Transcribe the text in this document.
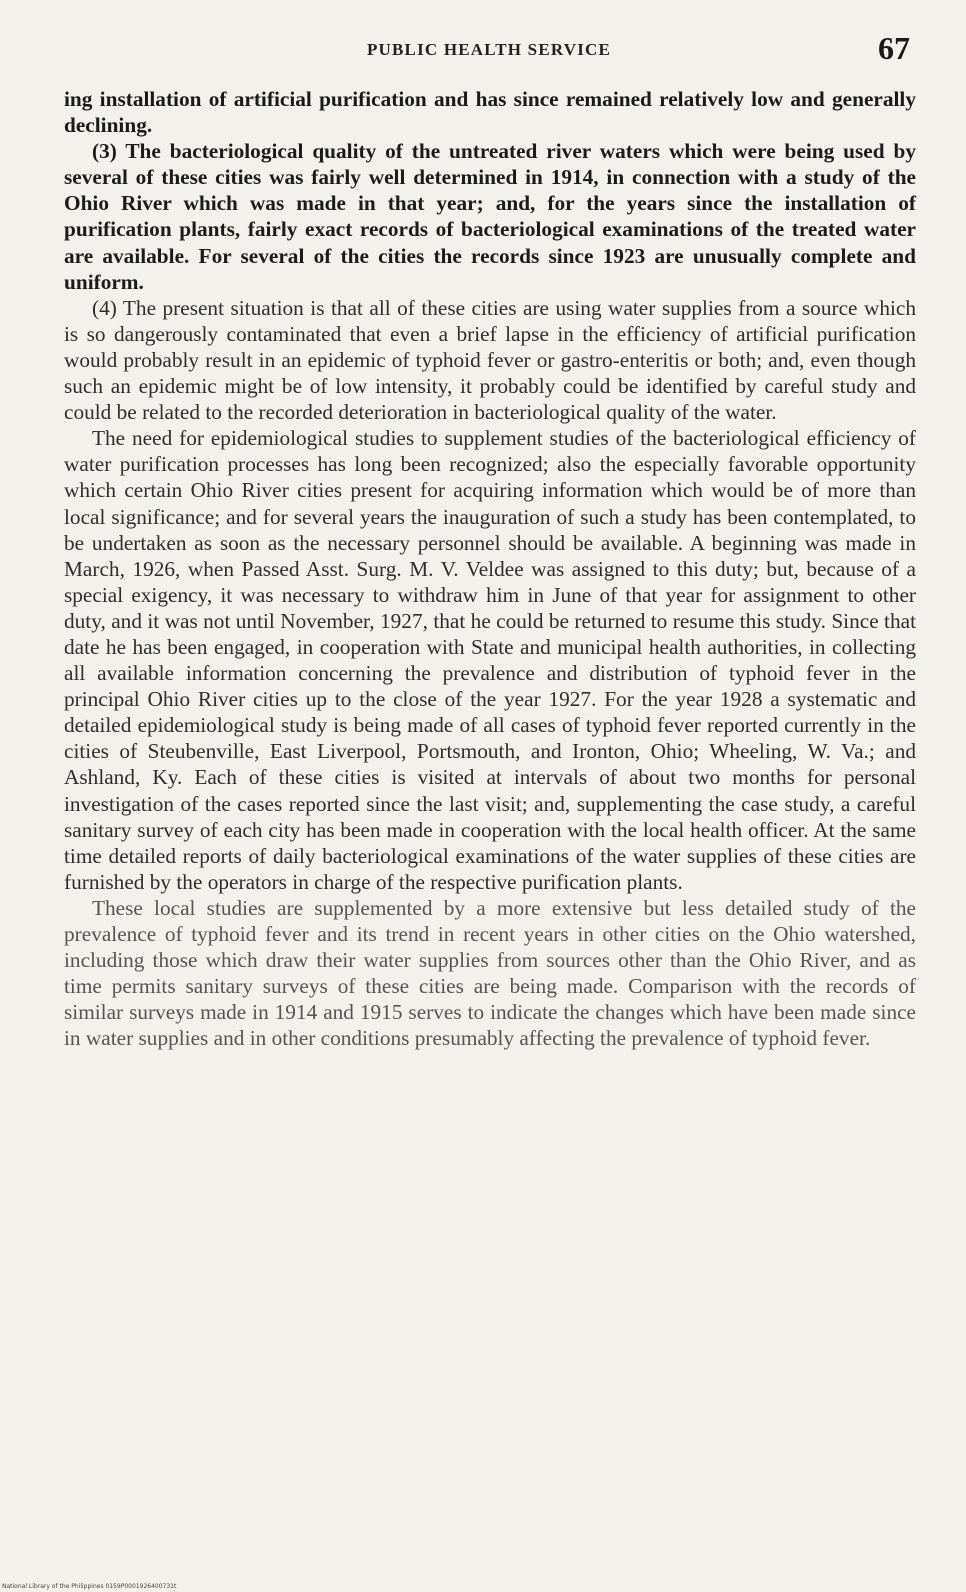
PUBLIC HEALTH SERVICE	67

ing installation of artificial purification and has since remained relatively low and generally declining.

(3) The bacteriological quality of the untreated river waters which were being used by several of these cities was fairly well determined in 1914, in connection with a study of the Ohio River which was made in that year; and, for the years since the installation of purification plants, fairly exact records of bacteriological examinations of the treated water are available. For several of the cities the records since 1923 are unusually complete and uniform.

(4) The present situation is that all of these cities are using water supplies from a source which is so dangerously contaminated that even a brief lapse in the efficiency of artificial purification would probably result in an epidemic of typhoid fever or gastro-enteritis or both; and, even though such an epidemic might be of low intensity, it probably could be identified by careful study and could be related to the recorded deterioration in bacteriological quality of the water.

The need for epidemiological studies to supplement studies of the bacteriological efficiency of water purification processes has long been recognized; also the especially favorable opportunity which certain Ohio River cities present for acquiring information which would be of more than local significance; and for several years the inauguration of such a study has been contemplated, to be undertaken as soon as the necessary personnel should be available. A beginning was made in March, 1926, when Passed Asst. Surg. M. V. Veldee was assigned to this duty; but, because of a special exigency, it was necessary to withdraw him in June of that year for assignment to other duty, and it was not until November, 1927, that he could be returned to resume this study. Since that date he has been engaged, in cooperation with State and municipal health authorities, in collecting all available information concerning the prevalence and distribution of typhoid fever in the principal Ohio River cities up to the close of the year 1927. For the year 1928 a systematic and detailed epidemiological study is being made of all cases of typhoid fever reported currently in the cities of Steubenville, East Liverpool, Portsmouth, and Ironton, Ohio; Wheeling, W. Va.; and Ashland, Ky. Each of these cities is visited at intervals of about two months for personal investigation of the cases reported since the last visit; and, supplementing the case study, a careful sanitary survey of each city has been made in cooperation with the local health officer. At the same time detailed reports of daily bacteriological examinations of the water supplies of these cities are furnished by the operators in charge of the respective purification plants.

These local studies are supplemented by a more extensive but less detailed study of the prevalence of typhoid fever and its trend in recent years in other cities on the Ohio watershed, including those which draw their water supplies from sources other than the Ohio River, and as time permits sanitary surveys of these cities are being made. Comparison with the records of similar surveys made in 1914 and 1915 serves to indicate the changes which have been made since in water supplies and in other conditions presumably affecting the prevalence of typhoid fever.

National Library of the Philippines 0159P0001926400731t
